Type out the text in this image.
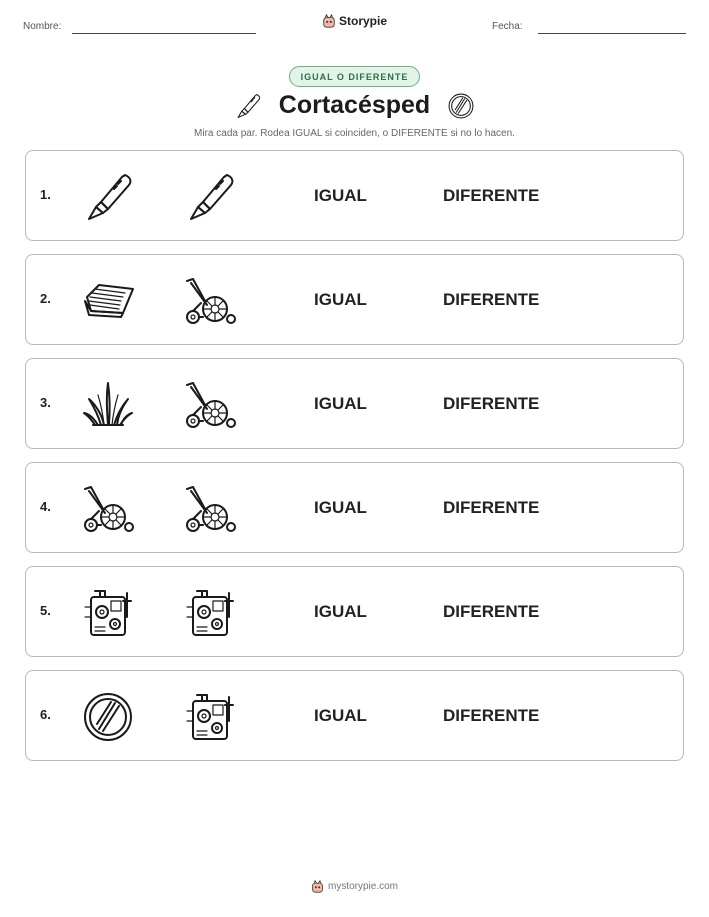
Nombre:	Storypie	Fecha:
IGUAL O DIFERENTE
Cortacésped
Mira cada par. Rodea IGUAL si coinciden, o DIFERENTE si no lo hacen.
1.	IGUAL	DIFERENTE
2.	IGUAL	DIFERENTE
3.	IGUAL	DIFERENTE
4.	IGUAL	DIFERENTE
5.	IGUAL	DIFERENTE
6.	IGUAL	DIFERENTE
mystorypie.com
